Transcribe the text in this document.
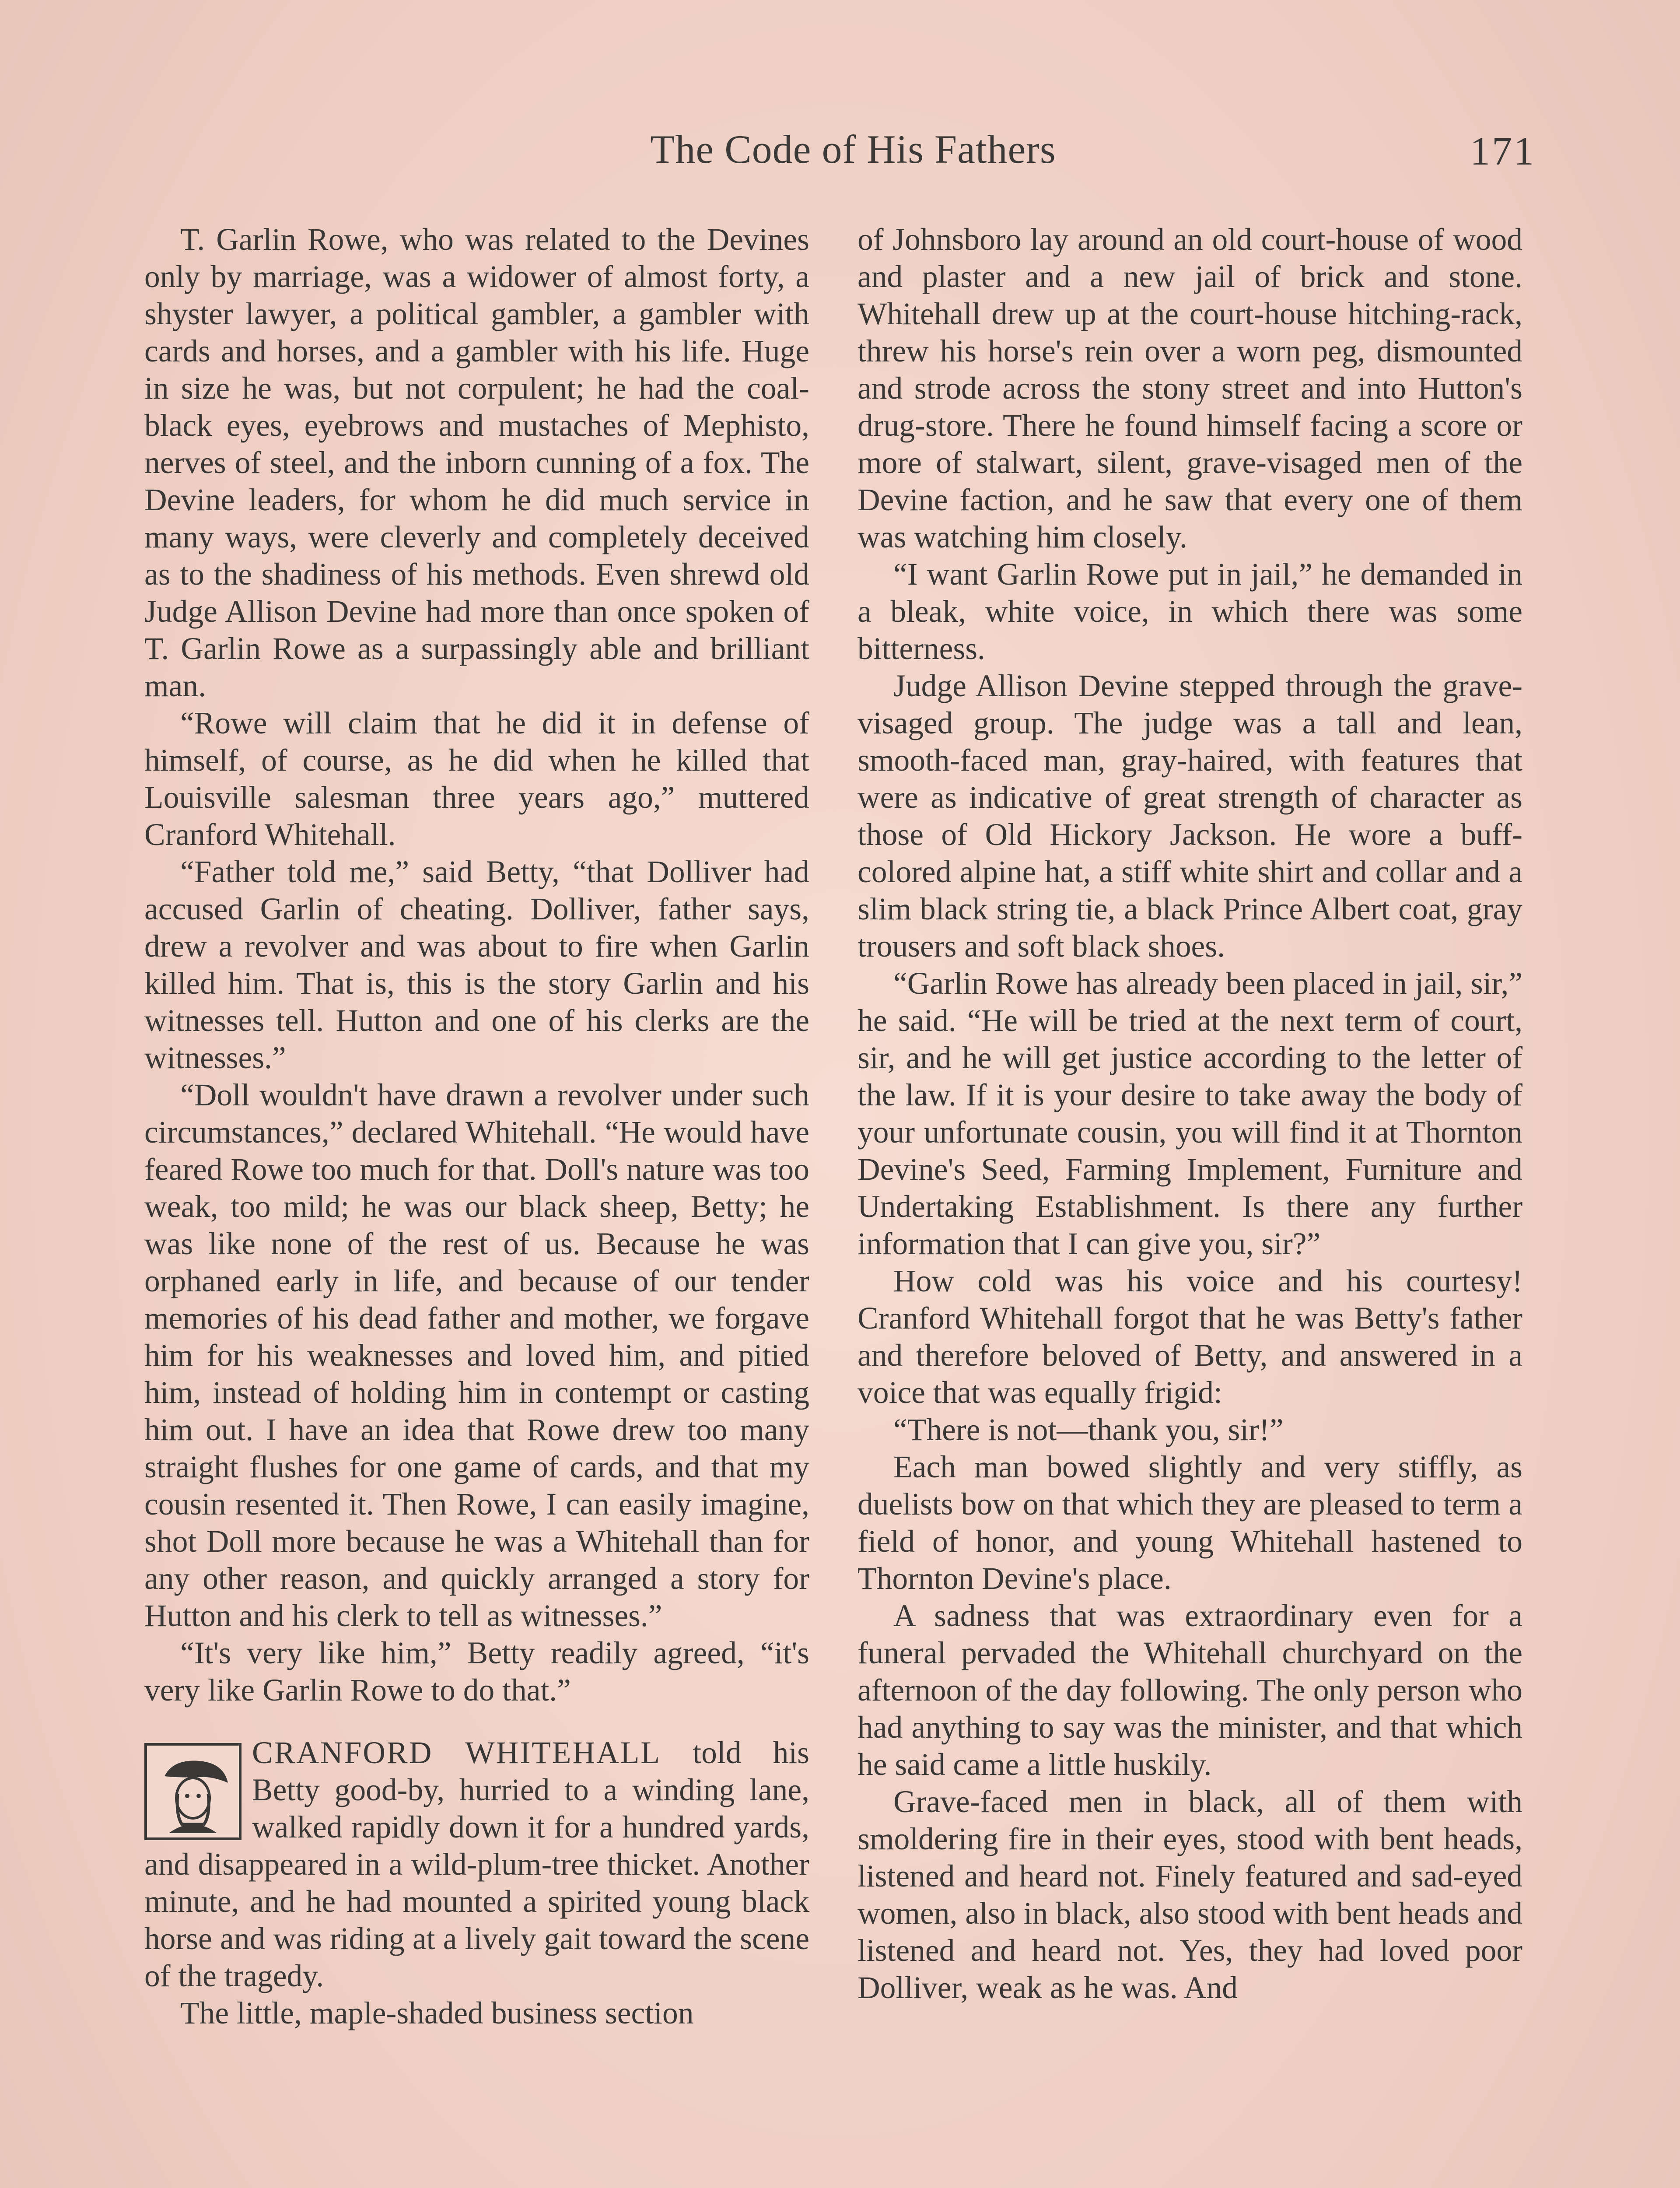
The Code of His Fathers	171

T. Garlin Rowe, who was related to the Devines only by marriage, was a widower of almost forty, a shyster lawyer, a political gambler, a gambler with cards and horses, and a gambler with his life. Huge in size he was, but not corpulent; he had the coal-black eyes, eyebrows and mustaches of Mephisto, nerves of steel, and the inborn cunning of a fox. The Devine leaders, for whom he did much service in many ways, were cleverly and completely deceived as to the shadiness of his methods. Even shrewd old Judge Allison Devine had more than once spoken of T. Garlin Rowe as a surpassingly able and brilliant man.

“Rowe will claim that he did it in defense of himself, of course, as he did when he killed that Louisville salesman three years ago,” muttered Cranford Whitehall.

“Father told me,” said Betty, “that Dolliver had accused Garlin of cheating. Dolliver, father says, drew a revolver and was about to fire when Garlin killed him. That is, this is the story Garlin and his witnesses tell. Hutton and one of his clerks are the witnesses.”

“Doll wouldn't have drawn a revolver under such circumstances,” declared Whitehall. “He would have feared Rowe too much for that. Doll's nature was too weak, too mild; he was our black sheep, Betty; he was like none of the rest of us. Because he was orphaned early in life, and because of our tender memories of his dead father and mother, we forgave him for his weaknesses and loved him, and pitied him, instead of holding him in contempt or casting him out. I have an idea that Rowe drew too many straight flushes for one game of cards, and that my cousin resented it. Then Rowe, I can easily imagine, shot Doll more because he was a Whitehall than for any other reason, and quickly arranged a story for Hutton and his clerk to tell as witnesses.”

“It's very like him,” Betty readily agreed, “it's very like Garlin Rowe to do that.”

CRANFORD WHITEHALL told his Betty good-by, hurried to a winding lane, walked rapidly down it for a hundred yards, and disappeared in a wild-plum-tree thicket. Another minute, and he had mounted a spirited young black horse and was riding at a lively gait toward the scene of the tragedy.

The little, maple-shaded business section

of Johnsboro lay around an old court-house of wood and plaster and a new jail of brick and stone. Whitehall drew up at the court-house hitching-rack, threw his horse's rein over a worn peg, dismounted and strode across the stony street and into Hutton's drug-store. There he found himself facing a score or more of stalwart, silent, grave-visaged men of the Devine faction, and he saw that every one of them was watching him closely.

“I want Garlin Rowe put in jail,” he demanded in a bleak, white voice, in which there was some bitterness.

Judge Allison Devine stepped through the grave-visaged group. The judge was a tall and lean, smooth-faced man, gray-haired, with features that were as indicative of great strength of character as those of Old Hickory Jackson. He wore a buff-colored alpine hat, a stiff white shirt and collar and a slim black string tie, a black Prince Albert coat, gray trousers and soft black shoes.

“Garlin Rowe has already been placed in jail, sir,” he said. “He will be tried at the next term of court, sir, and he will get justice according to the letter of the law. If it is your desire to take away the body of your unfortunate cousin, you will find it at Thornton Devine's Seed, Farming Implement, Furniture and Undertaking Establishment. Is there any further information that I can give you, sir?”

How cold was his voice and his courtesy! Cranford Whitehall forgot that he was Betty's father and therefore beloved of Betty, and answered in a voice that was equally frigid:

“There is not—thank you, sir!”

Each man bowed slightly and very stiffly, as duelists bow on that which they are pleased to term a field of honor, and young Whitehall hastened to Thornton Devine's place.

A sadness that was extraordinary even for a funeral pervaded the Whitehall churchyard on the afternoon of the day following. The only person who had anything to say was the minister, and that which he said came a little huskily.

Grave-faced men in black, all of them with smoldering fire in their eyes, stood with bent heads, listened and heard not. Finely featured and sad-eyed women, also in black, also stood with bent heads and listened and heard not. Yes, they had loved poor Dolliver, weak as he was. And
